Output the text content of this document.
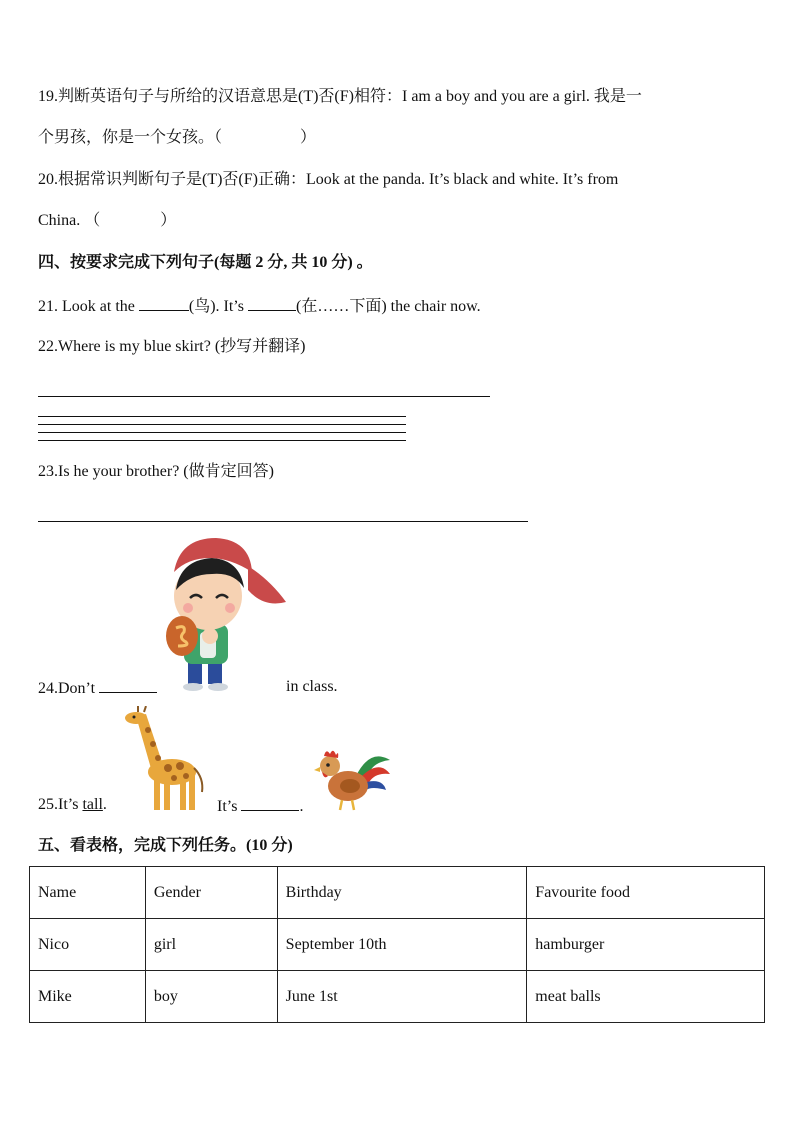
19.判断英语句子与所给的汉语意思是(T)否(F)相符：I am a boy and you are a girl. 我是一
个男孩，你是一个女孩。（	）
20.根据常识判断句子是(T)否(F)正确：Look at the panda. It’s black and white. It’s from
China. （	）
四、按要求完成下列句子(每题 2 分, 共 10 分) 。
21. Look at the	(鸟). It’s	(在……下面) the chair now.
22.Where is my blue skirt? (抄写并翻译)
23.Is he your brother? (做肯定回答)
24.Don’t	in class.
25.It’s tall.	It’s	.
五、看表格，完成下列任务。(10 分)
Name	Gender	Birthday	Favourite food
Nico	girl	September 10th	hamburger
Mike	boy	June 1st	meat balls
